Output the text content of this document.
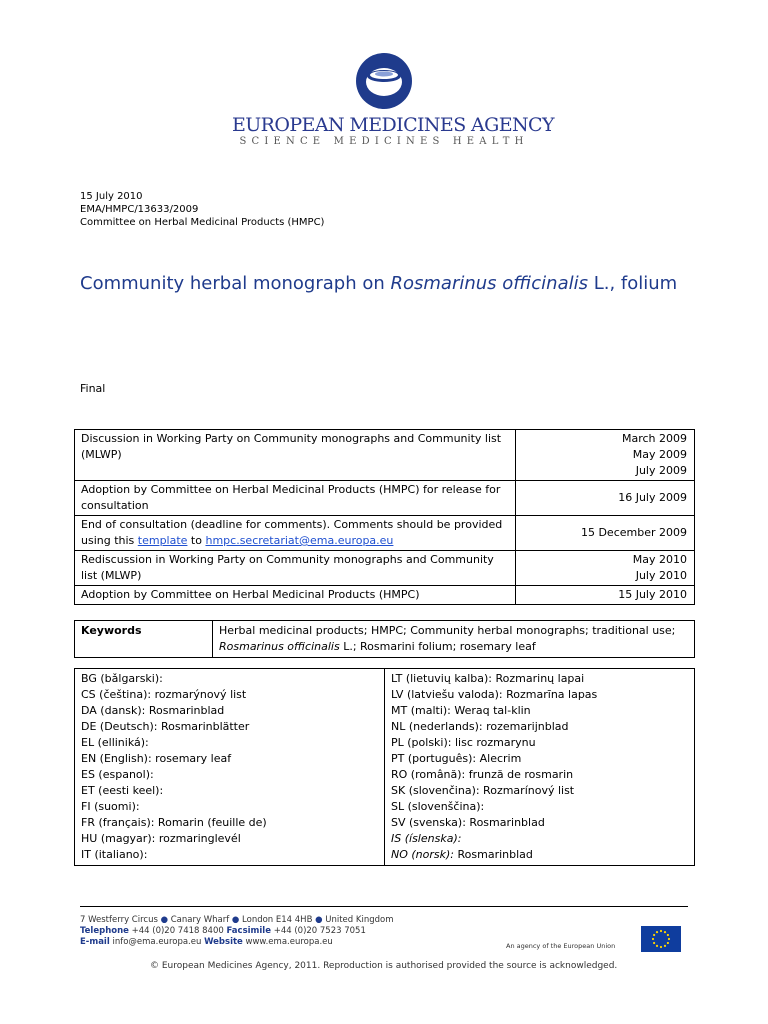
EUROPEAN MEDICINES AGENCY
SCIENCE MEDICINES HEALTH
15 July 2010
EMA/HMPC/13633/2009
Committee on Herbal Medicinal Products (HMPC)
Community herbal monograph on Rosmarinus officinalis L., folium
Final
Discussion in Working Party on Community monographs and Community list (MLWP)	March 2009
May 2009
July 2009

Adoption by Committee on Herbal Medicinal Products (HMPC) for release for consultation	16 July 2009
End of consultation (deadline for comments). Comments should be provided using this template to hmpc.secretariat@ema.europa.eu	15 December 2009
Rediscussion in Working Party on Community monographs and Community list (MLWP)	May 2010
July 2010

Adoption by Committee on Herbal Medicinal Products (HMPC)	15 July 2010
Keywords	Herbal medicinal products; HMPC; Community herbal monographs; traditional use; Rosmarinus officinalis L.; Rosmarini folium; rosemary leaf
BG (bǎlgarski):
CS (čeština): rozmarýnový list
DA (dansk): Rosmarinblad
DE (Deutsch): Rosmarinblätter
EL (elliniká):
EN (English): rosemary leaf
ES (espanol):
ET (eesti keel):
FI (suomi):
FR (français): Romarin (feuille de)
HU (magyar): rozmaringlevél
IT (italiano):

LT (lietuvių kalba): Rozmarinų lapai
LV (latviešu valoda): Rozmarīna lapas
MT (malti): Weraq tal-klin
NL (nederlands): rozemarijnblad
PL (polski): lisc rozmarynu
PT (português): Alecrim
RO (română): frunză de rosmarin
SK (slovenčina): Rozmarínový list
SL (slovenščina):
SV (svenska): Rosmarinblad
IS (íslenska):
NO (norsk): Rosmarinblad
7 Westferry Circus ● Canary Wharf ● London E14 4HB ● United Kingdom
Telephone +44 (0)20 7418 8400 Facsimile +44 (0)20 7523 7051
E-mail info@ema.europa.eu Website www.ema.europa.eu	An agency of the European Union
© European Medicines Agency, 2011. Reproduction is authorised provided the source is acknowledged.
